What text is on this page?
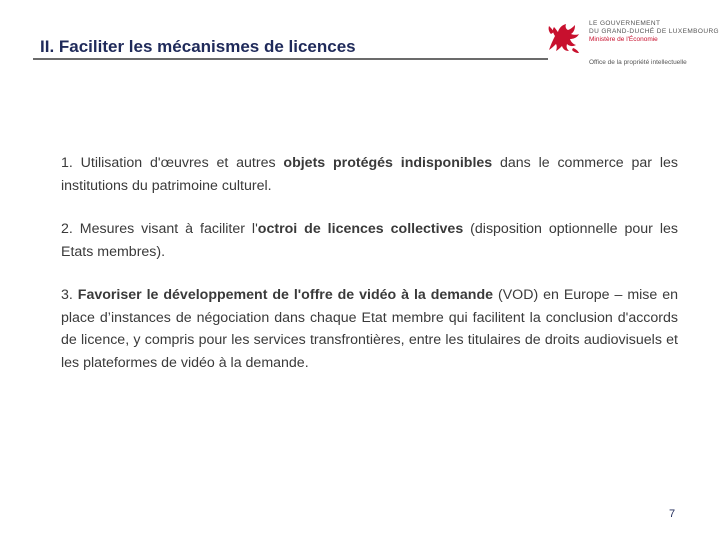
II. Faciliter les mécanismes de licences
LE GOUVERNEMENT
DU GRAND-DUCHÉ DE LUXEMBOURG
Ministère de l'Économie
Office de la propriété intellectuelle

1. Utilisation d'œuvres et autres objets protégés indisponibles dans le commerce par les institutions du patrimoine culturel.

2. Mesures visant à faciliter l'octroi de licences collectives (disposition optionnelle pour les Etats membres).

3. Favoriser le développement de l'offre de vidéo à la demande (VOD) en Europe – mise en place d’instances de négociation dans chaque Etat membre qui facilitent la conclusion d'accords de licence, y compris pour les services transfrontières, entre les titulaires de droits audiovisuels et les plateformes de vidéo à la demande.

7
